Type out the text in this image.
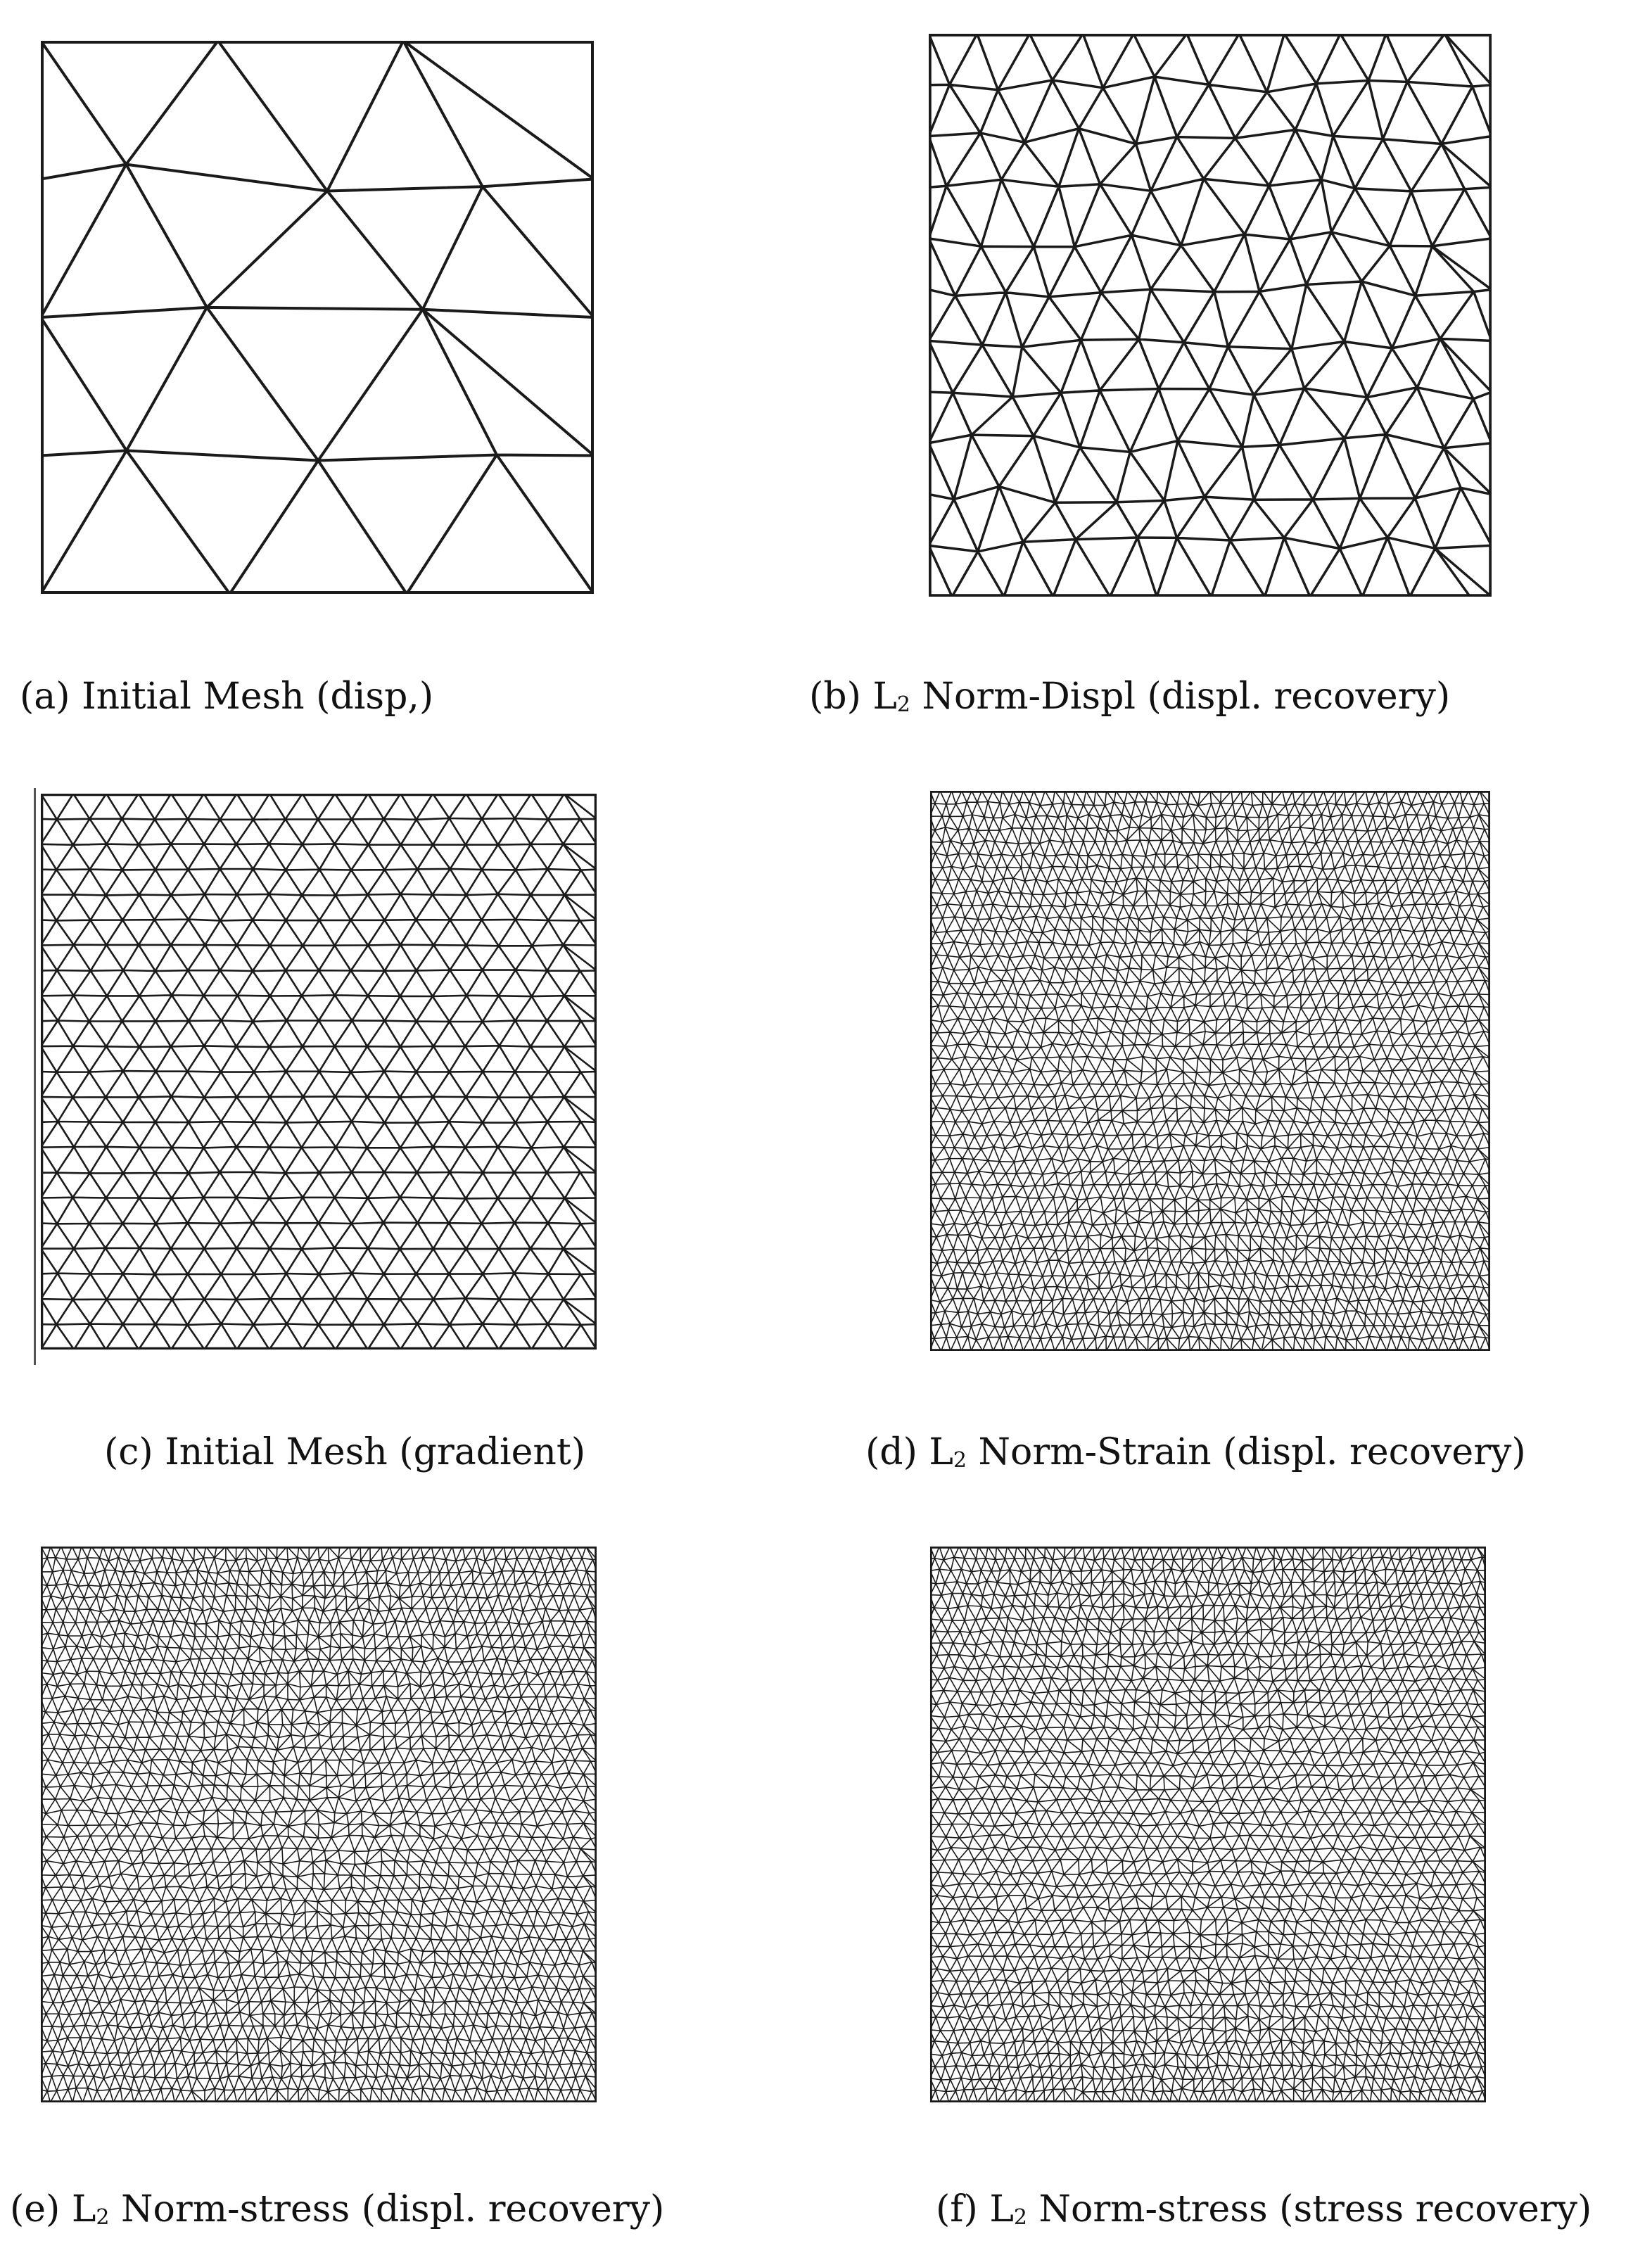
(a) Initial Mesh (disp,)	(b) $L_2$ Norm-Displ (displ. recovery)
(c) Initial Mesh (gradient)	(d) $L_2$ Norm-Strain (displ. recovery)
(e) $L_2$ Norm-stress (displ. recovery)	(f) $L_2$ Norm-stress (stress recovery)
